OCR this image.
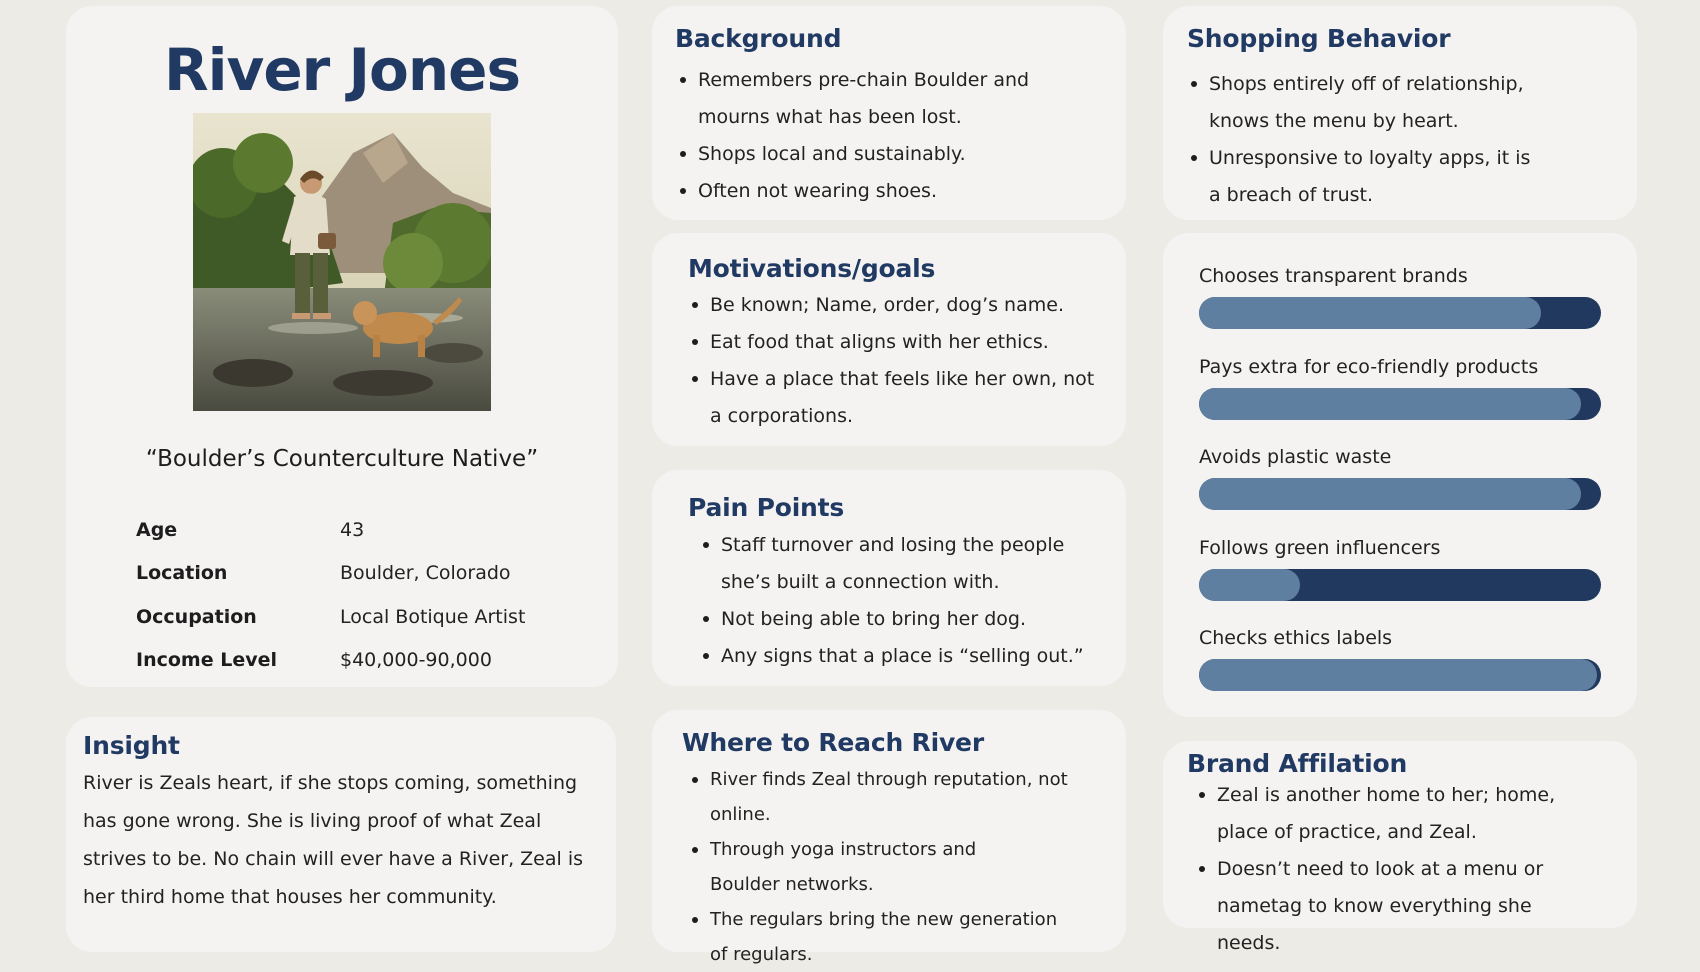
River Jones
“Boulder’s Counterculture Native”
Age	43
Location	Boulder, Colorado
Occupation	Local Botique Artist
Income Level	$40,000-90,000
Insight
River is Zeals heart, if she stops coming, something has gone wrong. She is living proof of what Zeal strives to be. No chain will ever have a River, Zeal is her third home that houses her community.
Background
Remembers pre-chain Boulder and mourns what has been lost.
Shops local and sustainably.
Often not wearing shoes.
Motivations/goals
Be known; Name, order, dog’s name.
Eat food that aligns with her ethics.
Have a place that feels like her own, not a corporations.
Pain Points
Staff turnover and losing the people she’s built a connection with.
Not being able to bring her dog.
Any signs that a place is “selling out.”
Where to Reach River
River finds Zeal through reputation, not online.
Through yoga instructors and Boulder networks.
The regulars bring the new generation of regulars.
Shopping Behavior
Shops entirely off of relationship, knows the menu by heart.
Unresponsive to loyalty apps, it is a breach of trust.
Chooses transparent brands
Pays extra for eco-friendly products
Avoids plastic waste
Follows green influencers
Checks ethics labels
Brand Affilation
Zeal is another home to her; home, place of practice, and Zeal.
Doesn’t need to look at a menu or nametag to know everything she needs.
